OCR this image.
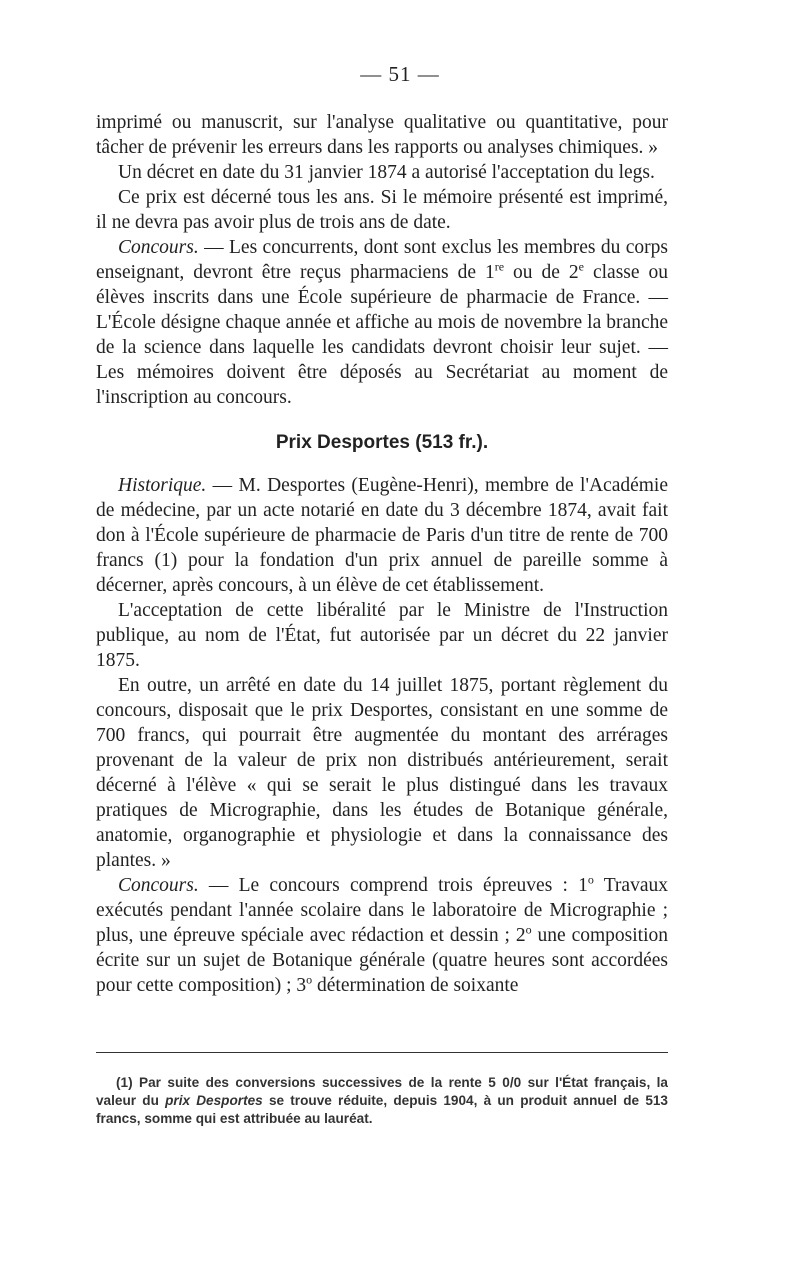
— 51 —

imprimé ou manuscrit, sur l'analyse qualitative ou quantitative, pour tâcher de prévenir les erreurs dans les rapports ou analyses chimiques. »

Un décret en date du 31 janvier 1874 a autorisé l'acceptation du legs.

Ce prix est décerné tous les ans. Si le mémoire présenté est imprimé, il ne devra pas avoir plus de trois ans de date.

Concours. — Les concurrents, dont sont exclus les membres du corps enseignant, devront être reçus pharmaciens de 1re ou de 2e classe ou élèves inscrits dans une École supérieure de pharmacie de France. — L'École désigne chaque année et affiche au mois de novembre la branche de la science dans laquelle les candidats devront choisir leur sujet. — Les mémoires doivent être déposés au Secrétariat au moment de l'inscription au concours.

Prix Desportes (513 fr.).

Historique. — M. Desportes (Eugène-Henri), membre de l'Académie de médecine, par un acte notarié en date du 3 décembre 1874, avait fait don à l'École supérieure de pharmacie de Paris d'un titre de rente de 700 francs (1) pour la fondation d'un prix annuel de pareille somme à décerner, après concours, à un élève de cet établissement.

L'acceptation de cette libéralité par le Ministre de l'Instruction publique, au nom de l'État, fut autorisée par un décret du 22 janvier 1875.

En outre, un arrêté en date du 14 juillet 1875, portant règlement du concours, disposait que le prix Desportes, consistant en une somme de 700 francs, qui pourrait être augmentée du montant des arrérages provenant de la valeur de prix non distribués antérieurement, serait décerné à l'élève « qui se serait le plus distingué dans les travaux pratiques de Micrographie, dans les études de Botanique générale, anatomie, organographie et physiologie et dans la connaissance des plantes. »

Concours. — Le concours comprend trois épreuves : 1$^o$ Travaux exécutés pendant l'année scolaire dans le laboratoire de Micrographie ; plus, une épreuve spéciale avec rédaction et dessin ; 2$^o$ une composition écrite sur un sujet de Botanique générale (quatre heures sont accordées pour cette composition) ; 3$^o$ détermination de soixante

(1) Par suite des conversions successives de la rente 5 0/0 sur l'État français, la valeur du prix Desportes se trouve réduite, depuis 1904, à un produit annuel de 513 francs, somme qui est attribuée au lauréat.
